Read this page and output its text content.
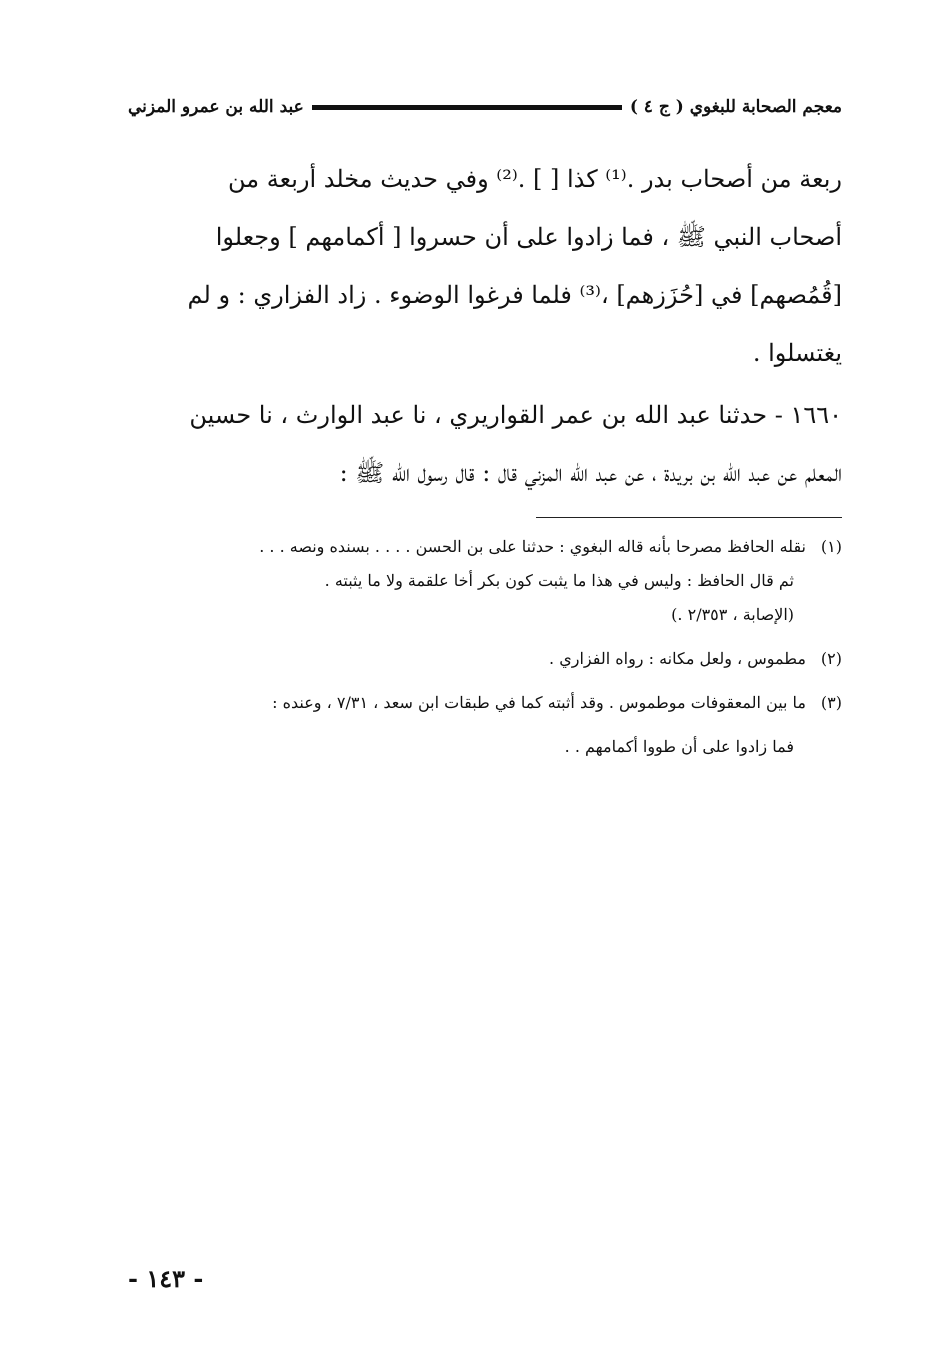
معجم الصحابة للبغوي ( ج ٤ )
عبد الله بن عمرو المزني

ربعة من أصحاب بدر .⁽¹⁾ كذا [ ] .⁽²⁾ وفي حديث مخلد أربعة من

أصحاب النبي ﷺ ، فما زادوا على أن حسروا [ أكمامهم ] وجعلوا

[قُمُصهم] في [حُزَزهم] ،⁽³⁾ فلما فرغوا الوضوء . زاد الفزاري : و لم

يغتسلوا .

١٦٦٠ - حدثنا عبد الله بن عمر القواريري ، نا عبد الوارث ، نا حسين

المعلم عن عبد الله بن بريدة ، عن عبد الله المزني قال : قال رسول الله ﷺ :

(١)
نقله الحافظ مصرحا بأنه قاله البغوي : حدثنا على بن الحسن . . . . بسنده ونصه . . .

ثم قال الحافظ : وليس في هذا ما يثبت كون بكر أخا علقمة ولا ما يثبته .

(الإصابة ، ٢/٣٥٣ .)

(٢)
مطموس ، ولعل مكانه : رواه الفزاري .
(٣)
ما بين المعقوفات موطموس . وقد أثبته كما في طبقات ابن سعد ، ٧/٣١ ، وعنده :

فما زادوا على أن طووا أكمامهم . .

- ١٤٣ -
